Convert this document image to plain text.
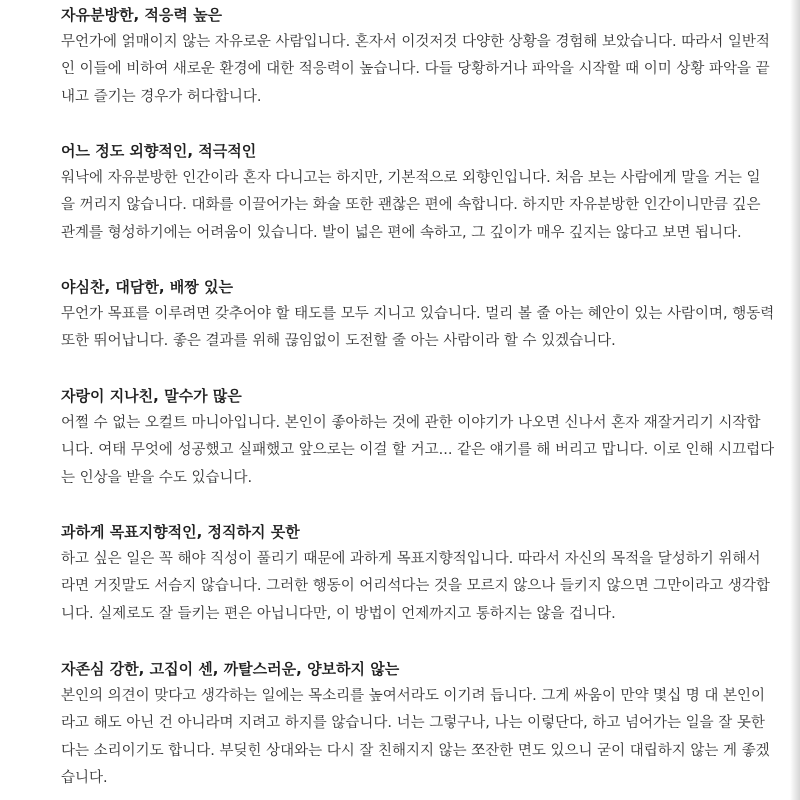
자유분방한, 적응력 높은
무언가에 얽매이지 않는 자유로운 사람입니다. 혼자서 이것저것 다양한 상황을 경험해 보았습니다. 따라서 일반적
인 이들에 비하여 새로운 환경에 대한 적응력이 높습니다. 다들 당황하거나 파악을 시작할 때 이미 상황 파악을 끝
내고 즐기는 경우가 허다합니다.
어느 정도 외향적인, 적극적인
워낙에 자유분방한 인간이라 혼자 다니고는 하지만, 기본적으로 외향인입니다. 처음 보는 사람에게 말을 거는 일
을 꺼리지 않습니다. 대화를 이끌어가는 화술 또한 괜찮은 편에 속합니다. 하지만 자유분방한 인간이니만큼 깊은
관계를 형성하기에는 어려움이 있습니다. 발이 넓은 편에 속하고, 그 깊이가 매우 깊지는 않다고 보면 됩니다.
야심찬, 대담한, 배짱 있는
무언가 목표를 이루려면 갖추어야 할 태도를 모두 지니고 있습니다. 멀리 볼 줄 아는 혜안이 있는 사람이며, 행동력
또한 뛰어납니다. 좋은 결과를 위해 끊임없이 도전할 줄 아는 사람이라 할 수 있겠습니다.
자랑이 지나친, 말수가 많은
어쩔 수 없는 오컬트 마니아입니다. 본인이 좋아하는 것에 관한 이야기가 나오면 신나서 혼자 재잘거리기 시작합
니다. 여태 무엇에 성공했고 실패했고 앞으로는 이걸 할 거고... 같은 얘기를 해 버리고 맙니다. 이로 인해 시끄럽다
는 인상을 받을 수도 있습니다.
과하게 목표지향적인, 정직하지 못한
하고 싶은 일은 꼭 해야 직성이 풀리기 때문에 과하게 목표지향적입니다. 따라서 자신의 목적을 달성하기 위해서
라면 거짓말도 서슴지 않습니다. 그러한 행동이 어리석다는 것을 모르지 않으나 들키지 않으면 그만이라고 생각합
니다. 실제로도 잘 들키는 편은 아닙니다만, 이 방법이 언제까지고 통하지는 않을 겁니다.
자존심 강한, 고집이 센, 까탈스러운, 양보하지 않는
본인의 의견이 맞다고 생각하는 일에는 목소리를 높여서라도 이기려 듭니다. 그게 싸움이 만약 몇십 명 대 본인이
라고 해도 아닌 건 아니라며 지려고 하지를 않습니다. 너는 그렇구나, 나는 이렇단다, 하고 넘어가는 일을 잘 못한
다는 소리이기도 합니다. 부딪힌 상대와는 다시 잘 친해지지 않는 쪼잔한 면도 있으니 굳이 대립하지 않는 게 좋겠
습니다.
